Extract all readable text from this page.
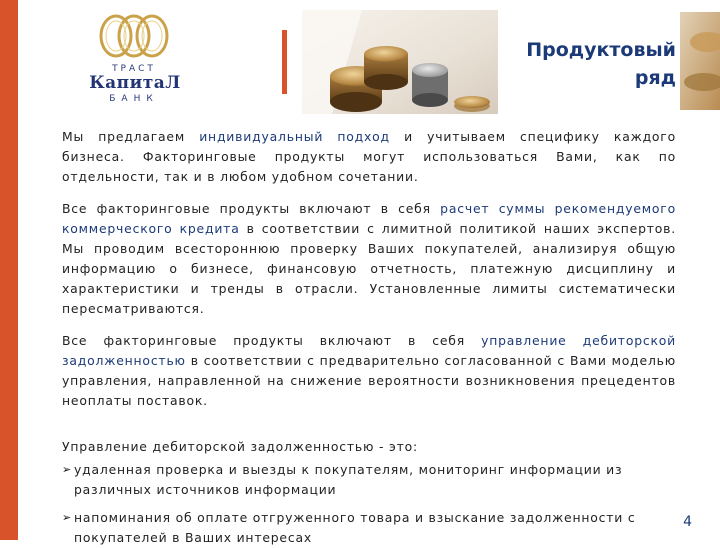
ТРАСТ
КапитаЛ
БАНК
Продуктовый
ряд

Мы предлагаем индивидуальный подход и учитываем специфику каждого бизнеса. Факторинговые продукты могут использоваться Вами, как по отдельности, так и в любом удобном сочетании.

Все факторинговые продукты включают в себя расчет суммы рекомендуемого коммерческого кредита в соответствии с лимитной политикой наших экспертов. Мы проводим всестороннюю проверку Ваших покупателей, анализируя общую информацию о бизнесе, финансовую отчетность, платежную дисциплину и характеристики и тренды в отрасли. Установленные лимиты систематически пересматриваются.

Все факторинговые продукты включают в себя управление дебиторской задолженностью в соответствии с предварительно согласованной с Вами моделью управления, направленной на снижение вероятности возникновения прецедентов неоплаты поставок.

Управление дебиторской задолженностью - это:
➢ удаленная проверка и выезды к покупателям, мониторинг информации из различных источников информации
➢ напоминания об оплате отгруженного товара и взыскание задолженности с покупателей в Ваших интересах
4
